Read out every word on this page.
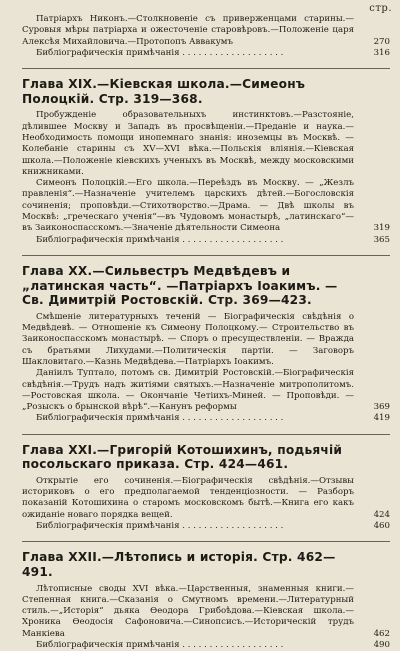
стр.

Патріархъ Никонъ.—Столкновеніе съ приверженцами старины.—Суровыя мѣры патріарха и ожесточеніе старовѣровъ.—Положеніе царя Алексѣя Михайловича.—Протопопъ Аввакумъ	270

Библіографическія примѣчанія . . . . . . . . . . . . . . . . . . .	316
Глава XIX.—Кіевская школа.—Симеонъ Полоцкій. Стр. 319—368.

Пробужденіе образовательныхъ инстинктовъ.—Разстояніе, дѣлившее Москву и Западъ въ просвѣщеніи.—Преданіе и наука.—Необходимость помощи инопемнаго знанія: иноземцы въ Москвѣ. — Колебаніе старины съ XV—XVI вѣка.—Польскія вліянія.—Кіевская школа.—Положеніе кіевскихъ ученыхъ въ Москвѣ, между московскими книжниками.

Симеонъ Полоцкій.—Его школа.—Переѣздъ въ Москву. — „Жезлъ правленія“.—Назначеніе учителемъ царскихъ дѣтей.—Богословскія сочиненія; проповѣди.—Стихотворство.—Драма. — Двѣ школы въ Москвѣ: „греческаго ученія“—въ Чудовомъ монастырѣ, „латинскаго“—въ Заиконоспасскомъ.—Значеніе дѣятельности Симеона	319

Библіографическія примѣчанія . . . . . . . . . . . . . . . . . . .	365
Глава XX.—Сильвестръ Медвѣдевъ и „латинская часть“. —Патріархъ Іоакимъ. — Св. Димитрій Ростовскій. Стр. 369—423.

Смѣшеніе литературныхъ теченій — Біографическія свѣдѣнія о Медвѣдевѣ. — Отношеніе къ Симеону Полоцкому.— Строительство въ Заиконоспасскомъ монастырѣ. — Споръ о пресуществленіи. — Вражда съ братьями Лихудами.—Политическія партіи. — Заговоръ Шакловитаго.—Казнь Медвѣдева.—Патріархъ Іоакимъ.

Даніилъ Туптало, потомъ св. Димитрій Ростовскій.—Біографическія свѣдѣнія.—Трудъ надъ житіями святыхъ.—Назначеніе митрополитомъ.—Ростовская школа. — Окончаніе Четіихъ-Миней. — Проповѣди. —„Розыскъ о брынской вѣрѣ“.—Канунъ реформы	369

Библіографическія примѣчанія . . . . . . . . . . . . . . . . . . .	419
Глава XXI.—Григорій Котошихинъ, подьячій посольскаго приказа. Стр. 424—461.

Открытіе его сочиненія.—Біографическія свѣдѣнія.—Отзывы историковъ о его предполагаемой тенденціозности. — Разборъ показаній Котошихина о старомъ московскомъ бытѣ.—Книга его какъ ожиданіе новаго порядка вещей.	424

Библіографическія примѣчанія . . . . . . . . . . . . . . . . . . .	460
Глава XXII.—Лѣтопись и исторія. Стр. 462—491.

Лѣтописные своды XVI вѣка.—Царственныя, знаменныя книги.—Степенная книга.—Сказанія о Смутномъ времени.—Литературный стиль.—„Исторія“ дьяка Ѳеодора Грибоѣдова.—Кіевская школа.—Хроника Ѳеодосія Сафоновича.—Синопсисъ.—Историческій трудъ Манкіева	462

Библіографическія примѣчанія . . . . . . . . . . . . . . . . . . .	490
